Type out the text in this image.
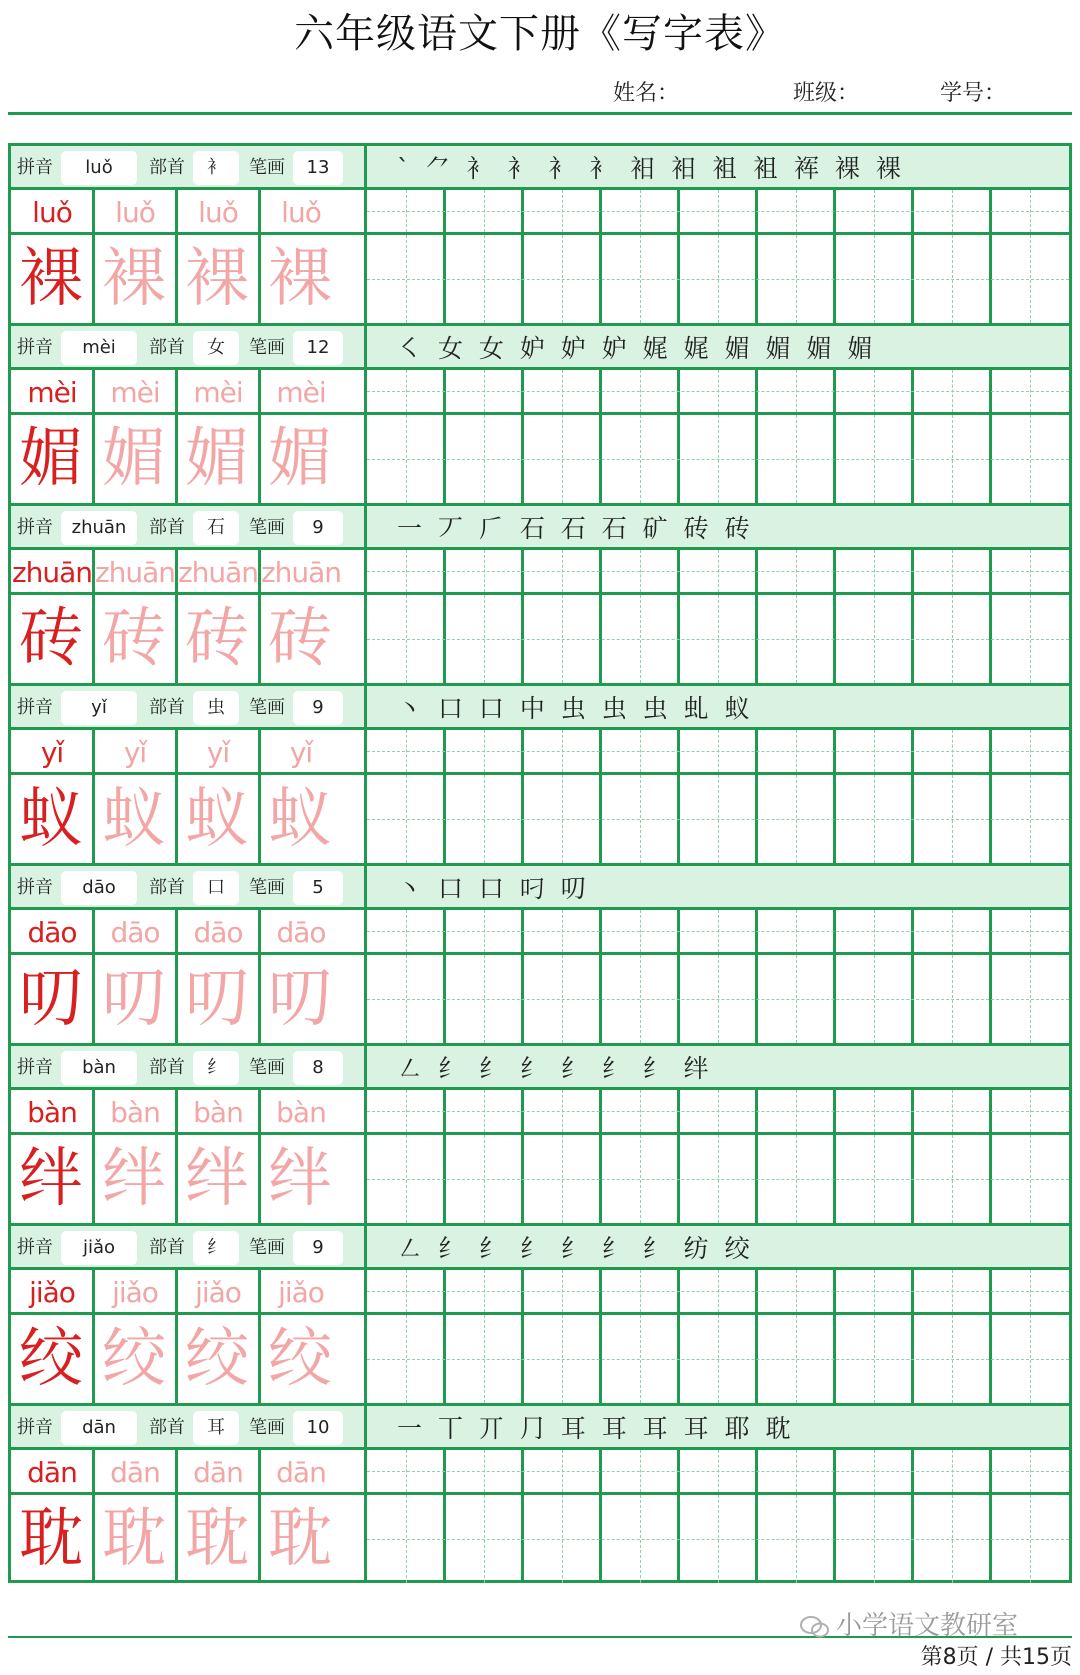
六年级语文下册《写字表》
姓名：	班级：	学号：
拼音	luǒ	部首	衤	笔画	13	` ⺈ 衤 衤 衤 衤 衵 衵 袓 袓 裈 裸 裸
luǒ	luǒ	luǒ	luǒ
裸 裸 裸 裸
拼音	mèi	部首	女	笔画	12	㇛ 女 女 妒 妒 妒 娓 娓 媚 媚 媚 媚
mèi	mèi	mèi	mèi
媚 媚 媚 媚
拼音	zhuān	部首	石	笔画	9	一 丆 𠂆 石 石 石 矿 砖 砖
zhuān zhuān zhuān zhuān
砖 砖 砖 砖
拼音	yǐ	部首	虫	笔画	9	丶 口 口 中 虫 虫 虫 虬 蚁
yǐ	yǐ	yǐ	yǐ
蚁 蚁 蚁 蚁
拼音	dāo	部首	口	笔画	5	丶 口 口 叼 叨
dāo	dāo	dāo	dāo
叨 叨 叨 叨
拼音	bàn	部首	纟	笔画	8	㇜ 纟 纟 纟 纟 纟 纟 绊
bàn	bàn	bàn	bàn
绊 绊 绊 绊
拼音	jiǎo	部首	纟	笔画	9	㇜ 纟 纟 纟 纟 纟 纟 纺 绞
jiǎo	jiǎo	jiǎo	jiǎo
绞 绞 绞 绞
拼音	dān	部首	耳	笔画	10	一 丅 丌 ⺆ 耳 耳 耳 耳 耶 耽
dān	dān	dān	dān
耽 耽 耽 耽
小学语文教研室
第8页 / 共15页
